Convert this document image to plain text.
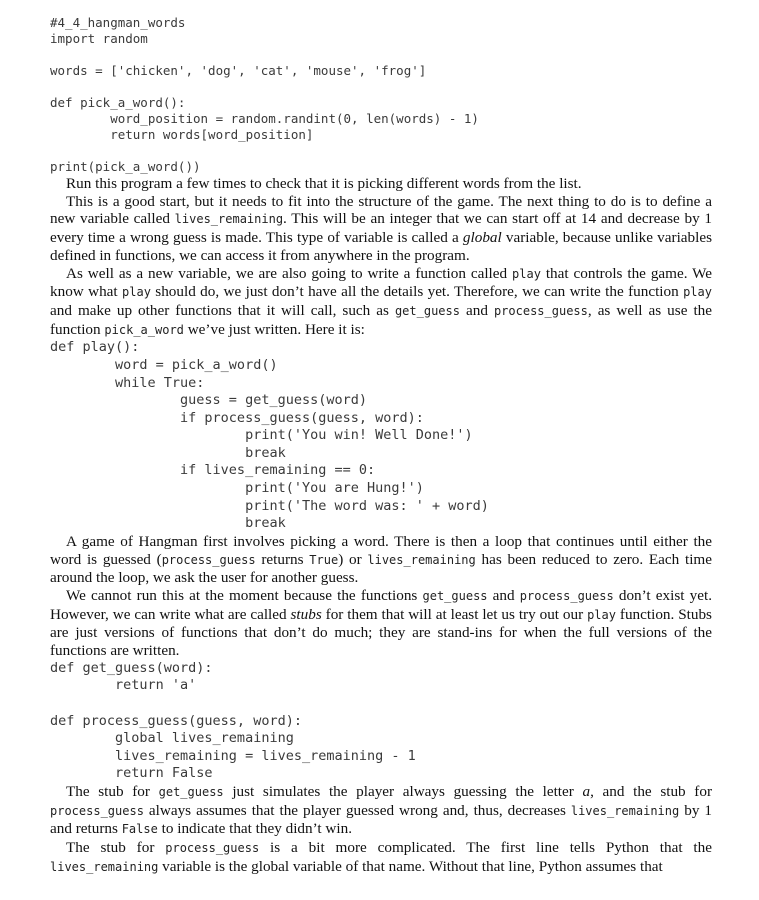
#4_4_hangman_words
import random
words = ['chicken', 'dog', 'cat', 'mouse', 'frog']
def pick_a_word():
word_position = random.randint(0, len(words) - 1)
return words[word_position]
print(pick_a_word())

Run this program a few times to check that it is picking different words from the list.

This is a good start, but it needs to fit into the structure of the game. The next thing to do is to define a new variable called lives_remaining. This will be an integer that we can start off at 14 and decrease by 1 every time a wrong guess is made. This type of variable is called a global variable, because unlike variables defined in functions, we can access it from anywhere in the program.

As well as a new variable, we are also going to write a function called play that controls the game. We know what play should do, we just don’t have all the details yet. Therefore, we can write the function play and make up other functions that it will call, such as get_guess and process_guess, as well as use the function pick_a_word we’ve just written. Here it is:

def play():
word = pick_a_word()
while True:
guess = get_guess(word)
if process_guess(guess, word):
print('You win! Well Done!')
break
if lives_remaining == 0:
print('You are Hung!')
print('The word was: ' + word)
break

A game of Hangman first involves picking a word. There is then a loop that continues until either the word is guessed (process_guess returns True) or lives_remaining has been reduced to zero. Each time around the loop, we ask the user for another guess.

We cannot run this at the moment because the functions get_guess and process_guess don’t exist yet. However, we can write what are called stubs for them that will at least let us try out our play function. Stubs are just versions of functions that don’t do much; they are stand-ins for when the full versions of the functions are written.

def get_guess(word):
return 'a'
def process_guess(guess, word):
global lives_remaining
lives_remaining = lives_remaining - 1
return False

The stub for get_guess just simulates the player always guessing the letter a, and the stub for process_guess always assumes that the player guessed wrong and, thus, decreases lives_remaining by 1 and returns False to indicate that they didn’t win.

The stub for process_guess is a bit more complicated. The first line tells Python that the lives_remaining variable is the global variable of that name. Without that line, Python assumes that
